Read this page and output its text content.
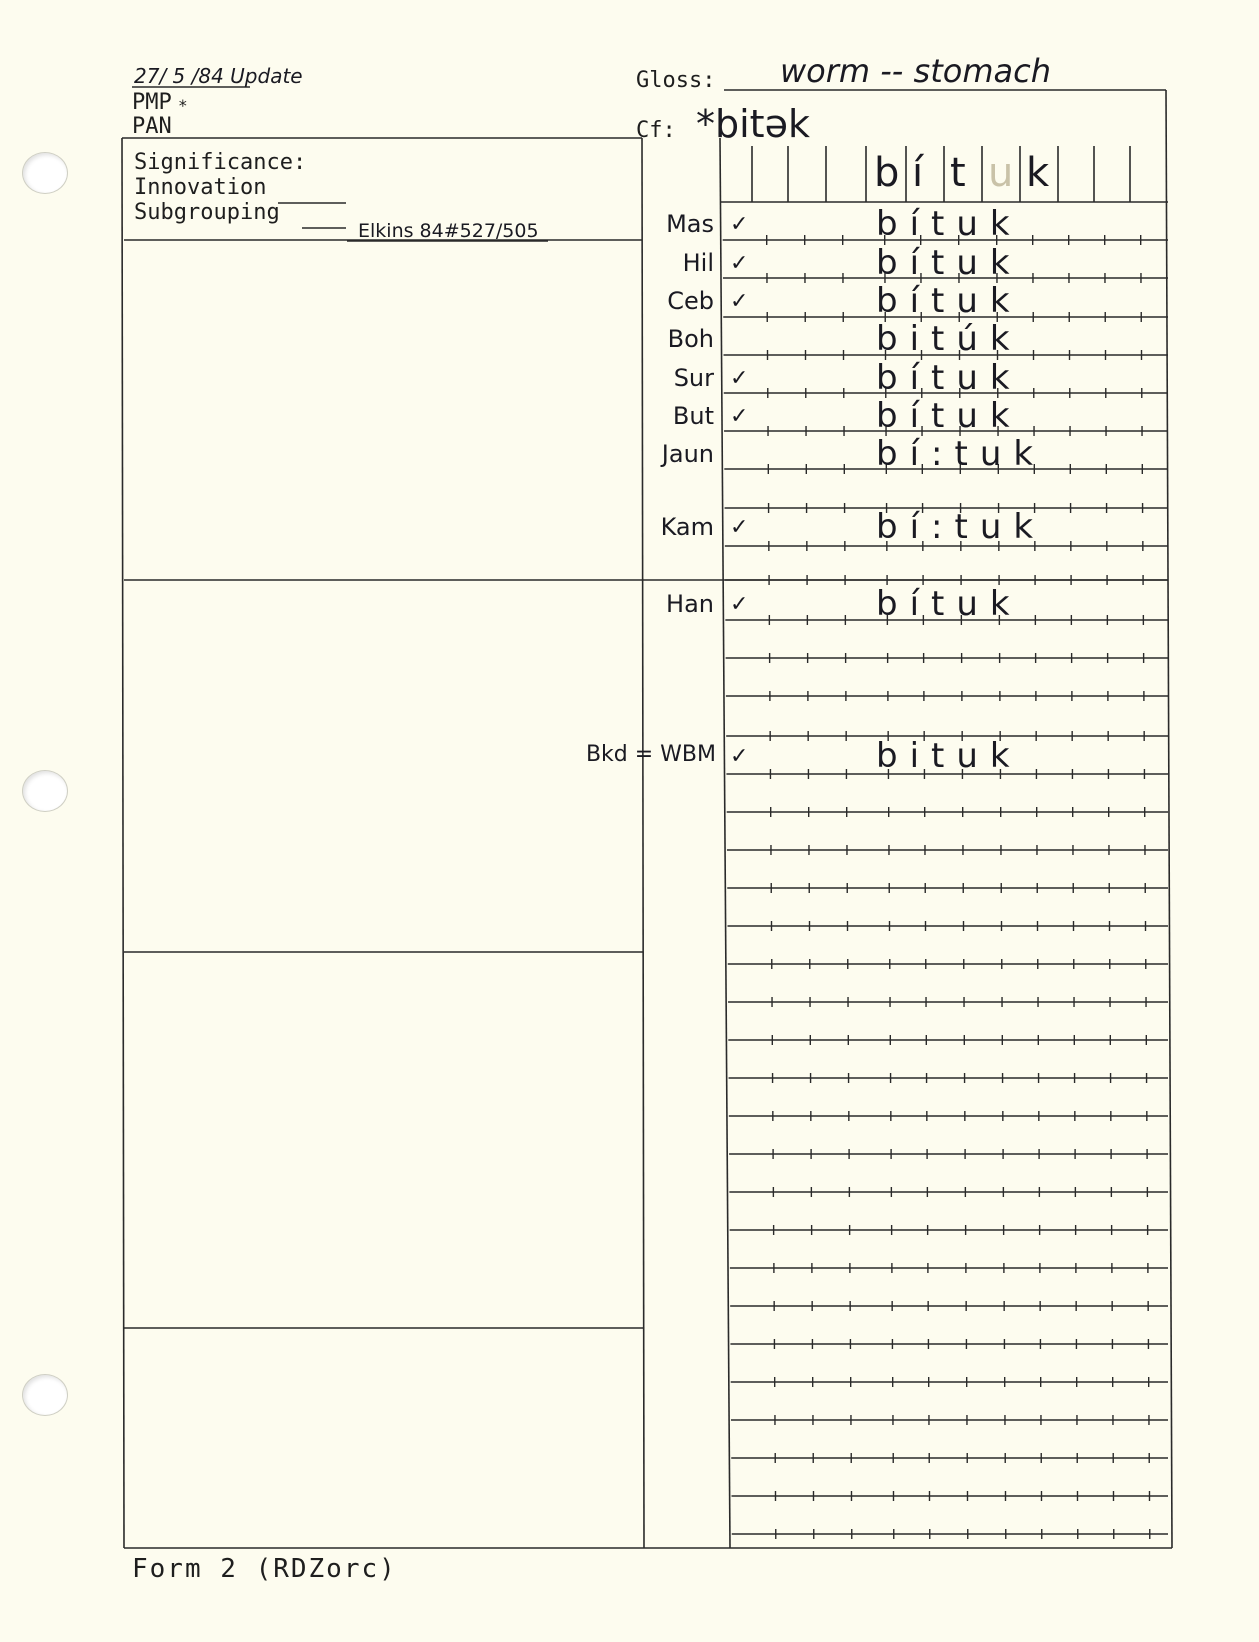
27/ 5 /84 Update
PMP *
PAN
Gloss: worm -- stomach
Cf: *bitək
Significance:
Innovation
Subgrouping
Elkins 84#527/505
b í t u k
Mas ✓	bítuk
Hil ✓	bítuk
Ceb ✓	bítuk
Boh	bitúk
Sur ✓	bítuk
But ✓	bítuk
Jaun	bí:tuk
Kam ✓	bí:tuk
Han ✓	bítuk
Bkd = WBM ✓	bituk
Form 2 (RDZorc)
